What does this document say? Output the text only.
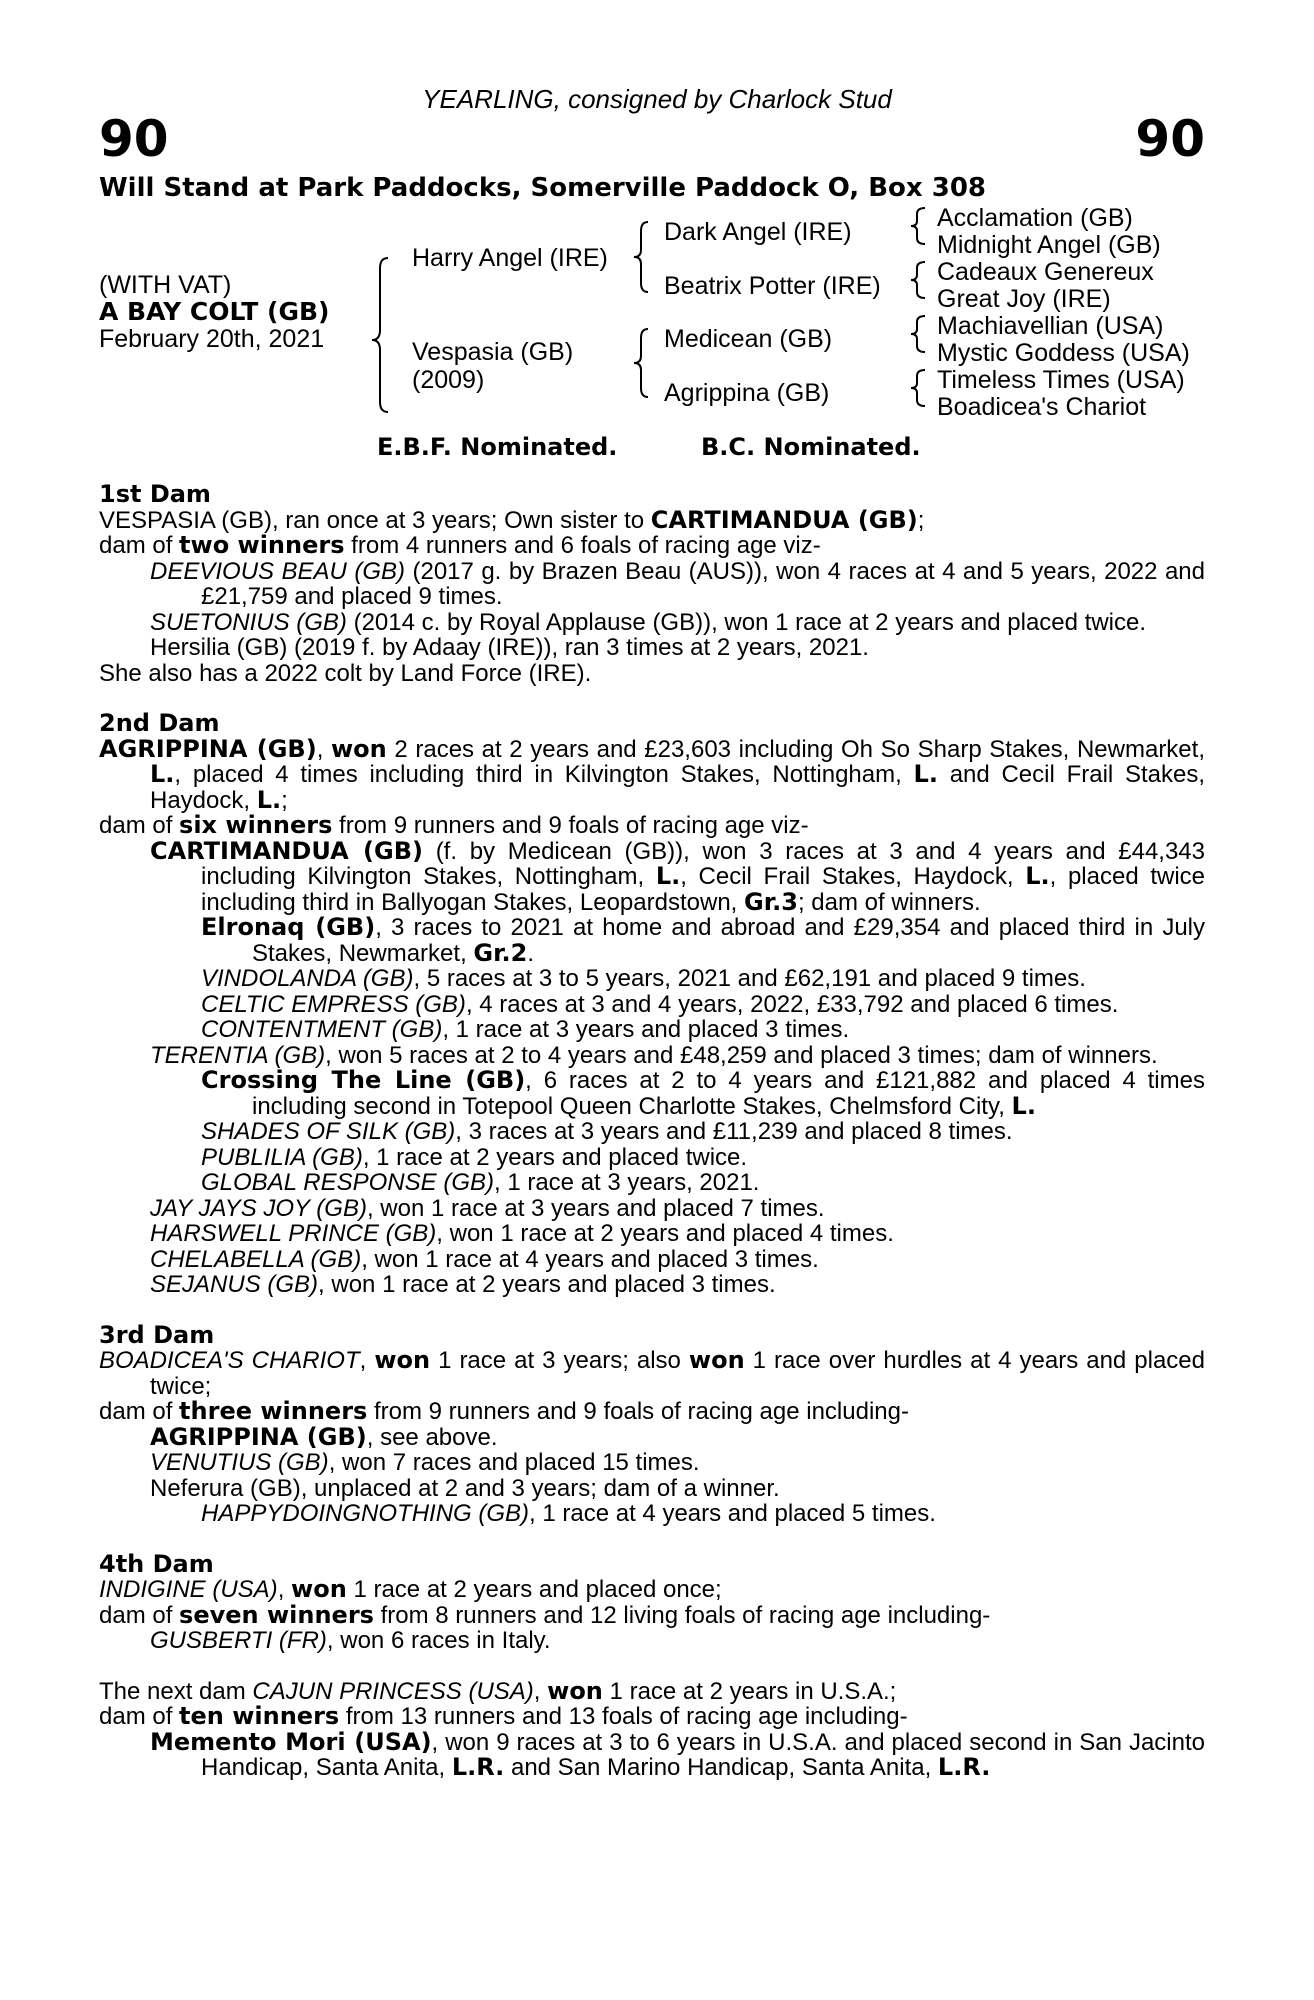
YEARLING, consigned by Charlock Stud
90	90
Will Stand at Park Paddocks, Somerville Paddock O, Box 308
(WITH VAT)
A BAY COLT (GB)
February 20th, 2021
Harry Angel (IRE)
Vespasia (GB)
(2009)
Dark Angel (IRE)
Beatrix Potter (IRE)
Medicean (GB)
Agrippina (GB)
Acclamation (GB)
Midnight Angel (GB)
Cadeaux Genereux
Great Joy (IRE)
Machiavellian (USA)
Mystic Goddess (USA)
Timeless Times (USA)
Boadicea's Chariot
E.B.F. Nominated.	B.C. Nominated.

1st Dam

VESPASIA (GB), ran once at 3 years; Own sister to CARTIMANDUA (GB);

dam of two winners from 4 runners and 6 foals of racing age viz-

DEEVIOUS BEAU (GB) (2017 g. by Brazen Beau (AUS)), won 4 races at 4 and 5 years, 2022 and £21,759 and placed 9 times.

SUETONIUS (GB) (2014 c. by Royal Applause (GB)), won 1 race at 2 years and placed twice.

Hersilia (GB) (2019 f. by Adaay (IRE)), ran 3 times at 2 years, 2021.

She also has a 2022 colt by Land Force (IRE).

2nd Dam

AGRIPPINA (GB), won 2 races at 2 years and £23,603 including Oh So Sharp Stakes, Newmarket, L., placed 4 times including third in Kilvington Stakes, Nottingham, L. and Cecil Frail Stakes, Haydock, L.;

dam of six winners from 9 runners and 9 foals of racing age viz-

CARTIMANDUA (GB) (f. by Medicean (GB)), won 3 races at 3 and 4 years and £44,343 including Kilvington Stakes, Nottingham, L., Cecil Frail Stakes, Haydock, L., placed twice including third in Ballyogan Stakes, Leopardstown, Gr.3; dam of winners.

Elronaq (GB), 3 races to 2021 at home and abroad and £29,354 and placed third in July Stakes, Newmarket, Gr.2.

VINDOLANDA (GB), 5 races at 3 to 5 years, 2021 and £62,191 and placed 9 times.

CELTIC EMPRESS (GB), 4 races at 3 and 4 years, 2022, £33,792 and placed 6 times.

CONTENTMENT (GB), 1 race at 3 years and placed 3 times.

TERENTIA (GB), won 5 races at 2 to 4 years and £48,259 and placed 3 times; dam of winners.

Crossing The Line (GB), 6 races at 2 to 4 years and £121,882 and placed 4 times including second in Totepool Queen Charlotte Stakes, Chelmsford City, L.

SHADES OF SILK (GB), 3 races at 3 years and £11,239 and placed 8 times.

PUBLILIA (GB), 1 race at 2 years and placed twice.

GLOBAL RESPONSE (GB), 1 race at 3 years, 2021.

JAY JAYS JOY (GB), won 1 race at 3 years and placed 7 times.

HARSWELL PRINCE (GB), won 1 race at 2 years and placed 4 times.

CHELABELLA (GB), won 1 race at 4 years and placed 3 times.

SEJANUS (GB), won 1 race at 2 years and placed 3 times.

3rd Dam

BOADICEA'S CHARIOT, won 1 race at 3 years; also won 1 race over hurdles at 4 years and placed twice;

dam of three winners from 9 runners and 9 foals of racing age including-

AGRIPPINA (GB), see above.

VENUTIUS (GB), won 7 races and placed 15 times.

Neferura (GB), unplaced at 2 and 3 years; dam of a winner.

HAPPYDOINGNOTHING (GB), 1 race at 4 years and placed 5 times.

4th Dam

INDIGINE (USA), won 1 race at 2 years and placed once;

dam of seven winners from 8 runners and 12 living foals of racing age including-

GUSBERTI (FR), won 6 races in Italy.

The next dam CAJUN PRINCESS (USA), won 1 race at 2 years in U.S.A.;

dam of ten winners from 13 runners and 13 foals of racing age including-

Memento Mori (USA), won 9 races at 3 to 6 years in U.S.A. and placed second in San Jacinto Handicap, Santa Anita, L.R. and San Marino Handicap, Santa Anita, L.R.
